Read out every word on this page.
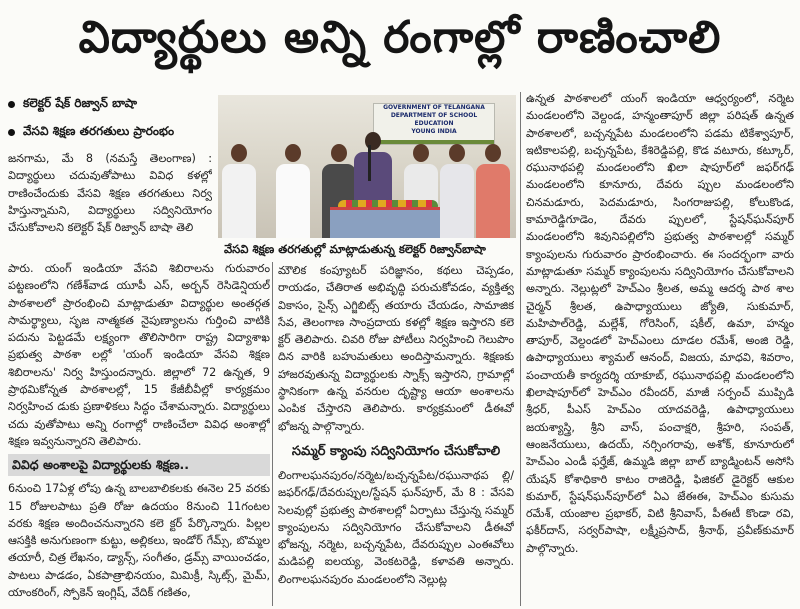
విద్యార్థులు అన్ని రంగాల్లో రాణించాలి
కలెక్టర్ షేక్ రిజ్వాన్ బాషా
వేసవి శిక్షణ తరగతులు ప్రారంభం
GOVERNMENT OF TELANGANA
DEPARTMENT OF SCHOOL EDUCATION
YOUNG INDIA
వేసవి శిక్షణ తరగతుల్లో మాట్లాడుతున్న కలెక్టర్ రిజ్వాన్‌బాషా

జనగామ, మే 8 (నమస్తే తెలంగాణ) : విద్యార్థులు చదువుతోపాటు వివిధ కళల్లో రాణించేందుకు వేసవి శిక్షణ తరగతులు నిర్వ హిస్తున్నామని, విద్యార్థులు సద్వినియోగం చేసుకోవాలని కలెక్టర్ షేక్ రిజ్వాన్ బాషా తెలి

పారు. యంగ్ ఇండియా వేసవి శిబిరాలను గురువారం పట్టణంలోని గణేశ్‌వాడ యూపీ ఎస్, అర్బన్ రెసిడెన్షియల్ పాఠశాలలో ప్రారంభించి మాట్లాడుతూ విద్యార్థుల అంతర్గత సామర్థ్యాలు, సృజ నాత్మకత నైపుణ్యాలను గుర్తించి వాటికి పదును పెట్టడమే లక్ష్యంగా తొలిసారిగా రాష్ట్ర విద్యాశాఖ ప్రభుత్వ పాఠశా లల్లో 'యంగ్ ఇండియా వేసవి శిక్షణ శిబిరాలను' నిర్వ హిస్తుందన్నారు. జిల్లాలో 72 ఉన్నత, 9 ప్రాథమికోన్నత పాఠశాలల్లో, 15 కేజీబీవీల్లో కార్యక్రమం నిర్వహించ డుకు ప్రణాళికలు సిద్ధం చేశామన్నారు. విద్యార్థులు చదు వుతోపాటు అన్ని రంగాల్లో రాణించేలా వివిధ అంశాల్లో శిక్షణ ఇవ్వనున్నారని తెలిపారు.

వివిధ అంశాలపై విద్యార్థులకు శిక్షణ..

6నుంచి 17ఏళ్ల లోపు ఉన్న బాలబాలికలకు ఈనెల 25 వరకు 15 రోజులపాటు ప్రతి రోజు ఉదయం 8నుంచి 11గంటల వరకు శిక్షణ అందించనున్నారని కలె క్టర్ పేర్కొన్నారు. పిల్లల ఆసక్తికి అనుగుణంగా కుట్టు, అల్లికలు, ఇండోర్ గేమ్స్, బొమ్మల తయారీ, చిత్ర లేఖనం, డ్యాన్స్, సంగీతం, డ్రమ్స్ వాయించడం, పాటలు పాడడం, ఏకపాత్రాభినయం, మిమిక్రీ, స్కిట్స్, మైమ్, యాంకరింగ్, స్పోకెన్ ఇంగ్లిష్, వేదిక్ గణితం,

మౌలిక కంప్యూటర్ పరిజ్ఞానం, కథలు చెప్పడం, రాయడం, చేతిరాత అభివృద్ధి పరుచుకోవడం, వ్యక్తిత్వ వికాసం, సైన్స్ ఎగ్జిబిట్స్ తయారు చేయడం, సామాజిక సేవ, తెలంగాణ సాంప్రదాయ కళల్లో శిక్షణ ఇస్తారని కలె క్టర్ తెలిపారు. చివరి రోజు పోటీలు నిర్వహించి గెలుపొం దిన వారికి బహుమతులు అందిస్తామన్నారు. శిక్షణకు హాజరవుతున్న విద్యార్థులకు స్నాక్స్ ఇస్తారని, గ్రామాల్లో స్థానికంగా ఉన్న వనరుల దృష్ట్యా ఆయా అంశాలను ఎంపిక చేస్తారని తెలిపారు. కార్యక్రమంలో డీఈవో భోజన్న పాల్గొన్నారు.

సమ్మర్ క్యాంపు సద్వినియోగం చేసుకోవాలి

లింగాలఘనపురం/నర్మెట/బచ్చన్నపేట/రఘునాథప ల్లి/జఫర్‌గఢ్/దేవరుప్పుల/స్టేషన్ ఘన్‌పూర్, మే 8 : వేసవి సెలవుల్లో ప్రభుత్వ పాఠశాలల్లో ఏర్పాటు చేస్తున్న సమ్మర్ క్యాంపులను సద్వినియోగం చేసుకోవాలని డీఈవో భోజన్న, నర్మెట, బచ్చన్నపేట, దేవరుప్పుల ఎంఈవోలు మడిపల్లి ఐలయ్య, వెంకటరెడ్డి, కళావతి అన్నారు. లింగాలఘనపురం మండలంలోని నెల్లుట్ల

ఉన్నత పాఠశాలలో యంగ్ ఇండియా ఆధ్వర్యంలో, నర్మెట మండలంలోని వెల్దండ, హన్మంతాపూర్ జిల్లా పరిషత్ ఉన్నత పాఠశాలలో, బచ్చన్నపేట మండలంలోని పడమ టికేశ్వాపూర్, ఇటికాలపల్లి, బచ్చన్నపేట, కేశిరెడ్డిపల్లి, కొడ వటూరు, కట్కూర్, రఘునాథపల్లి మండలంలోని ఖిలా షాపూర్‌లో జఫర్‌గఢ్ మండలంలోని కూనూరు, దేవరు ప్పుల మండలంలోని చినమడూరు, పెదమడూరు, సింగరాజుపల్లి, కోలుకొండ, కామారెడ్డిగూడెం, దేవరు ప్పులలో, స్టేషన్‌ఘన్‌పూర్ మండలంలోని శివునిపల్లిలోని ప్రభుత్వ పాఠశాలల్లో సమ్మర్ క్యాంపులను గురువారం ప్రారంభించారు. ఈ సందర్భంగా వారు మాట్లాడుతూ సమ్మర్ క్యాంపులను సద్వినియోగం చేసుకోవాలని అన్నారు. నెల్లుట్లలో హెచ్‌ఎం శ్రీలత, అమ్మ ఆదర్శ పాఠ శాల చైర్మన్ శ్రీలత, ఉపాధ్యాయులు జ్యోతి, సుకుమార్, మహిపాల్‌రెడ్డి, మల్లేశ్, గోరెసింగ్, షకీల్, ఉమా, హన్మం తాపూర్, వెల్దండలో హెచ్‌ఎంలు దూడల రమేశ్, అంజి రెడ్డి, ఉపాధ్యాయులు శ్యామల్ ఆనంద్, విజయ, మాధవి, శివరాం, పంచాయతీ కార్యదర్శి యాకూబ్, రఘునాథపల్లి మండలంలోని ఖిలాషాపూర్‌లో హెచ్‌ఎం రవీందర్, మాజీ సర్పంచ్ ముప్పిడి శ్రీధర్, పీఎస్ హెచ్‌ఎం యాదవరెడ్డి, ఉపాధ్యాయులు జయశ్యాస్త్రి, శ్రీని వాస్, పంచాక్షరి, శ్రీహరి, సంపత్, ఆంజనేయులు, ఉదయ్, నర్సింగరావు, అశోక్, కూనూరులో హెచ్‌ఎం ఎండీ ఫర్హేజ్, ఉమ్మడి జిల్లా బాల్ బ్యాడ్మింటన్ అసోసి యేషన్ కోశాధికారి కాటం రాజిరెడ్డి, ఫిజికల్ డైరెక్టర్ ఆకుల కుమార్, స్టేషన్‌ఘన్‌పూర్‌లో ఏఎ జేఈఈ, హెచ్‌ఎం కుసుమ రమేశ్, యంజాల ప్రభాకర్, విటి శ్రీనివాస్, పీఈటీ కొండా రవి, ఫకీర్‌దాస్, సర్వర్‌పాషా, లక్ష్మీప్రసాద్, శ్రీనాథ్, ప్రవీణ్‌కుమార్ పాల్గొన్నారు.
